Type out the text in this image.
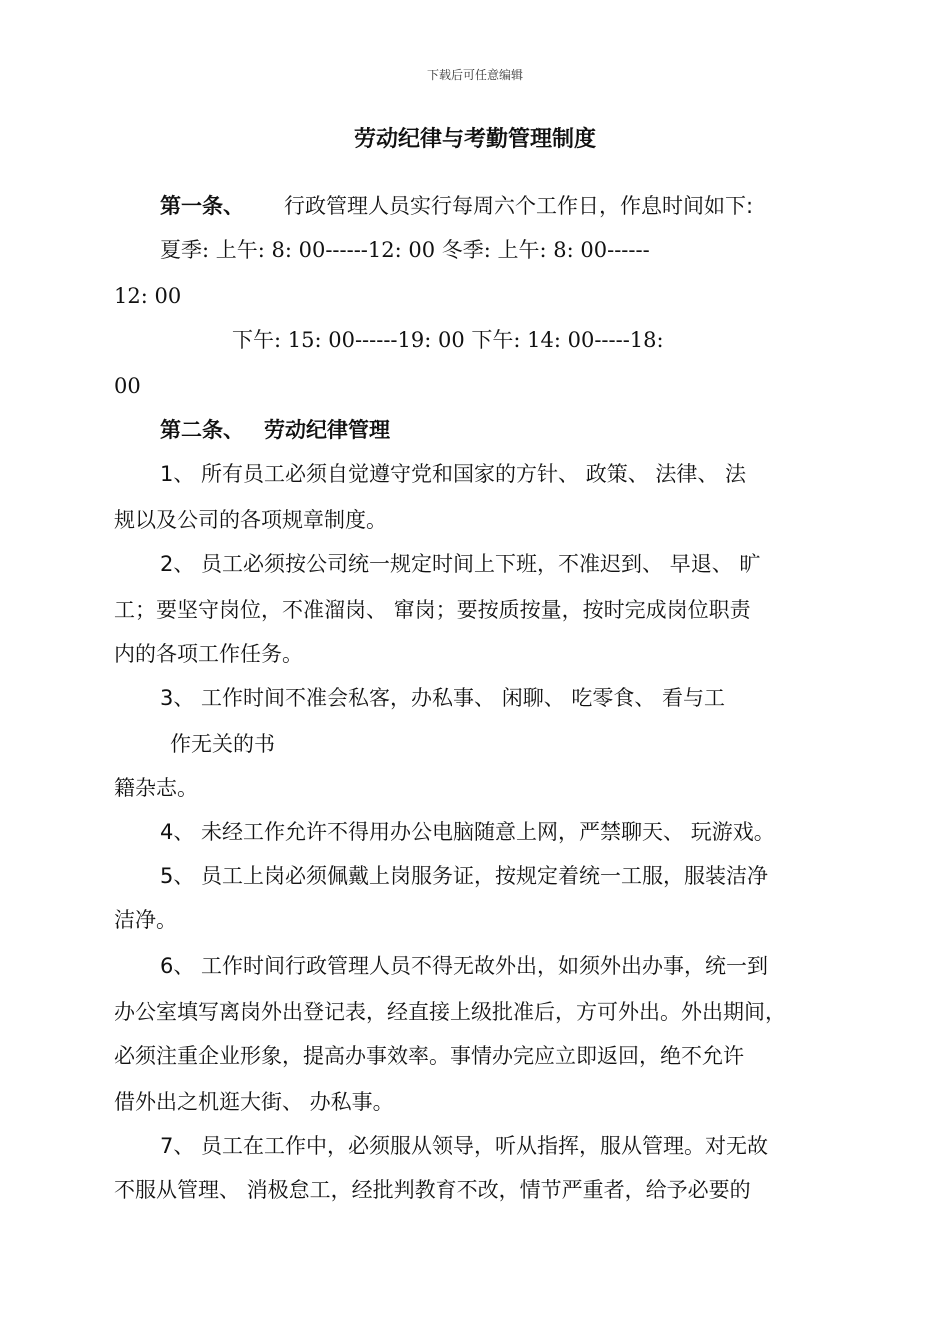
下载后可任意编辑
劳动纪律与考勤管理制度
第一条、 行政管理人员实行每周六个工作日，作息时间如下:
夏季: 上午: 8: 00------12: 00 冬季: 上午: 8: 00------
12: 00
下午: 15: 00------19: 00 下午: 14: 00-----18:
00
第二条、 劳动纪律管理
1、 所有员工必须自觉遵守党和国家的方针、 政策、 法律、 法
规以及公司的各项规章制度。
2、 员工必须按公司统一规定时间上下班，不准迟到、 早退、 旷
工；要坚守岗位，不准溜岗、 窜岗；要按质按量，按时完成岗位职责
内的各项工作任务。
3、 工作时间不准会私客，办私事、 闲聊、 吃零食、 看与工
作无关的书
籍杂志。
4、 未经工作允许不得用办公电脑随意上网，严禁聊天、 玩游戏。
5、 员工上岗必须佩戴上岗服务证，按规定着统一工服，服装洁净
洁净。
6、 工作时间行政管理人员不得无故外出，如须外出办事，统一到
办公室填写离岗外出登记表，经直接上级批准后，方可外出。外出期间，
必须注重企业形象，提高办事效率。事情办完应立即返回，绝不允许
借外出之机逛大街、 办私事。
7、 员工在工作中，必须服从领导，听从指挥，服从管理。对无故
不服从管理、 消极怠工，经批判教育不改，情节严重者，给予必要的
